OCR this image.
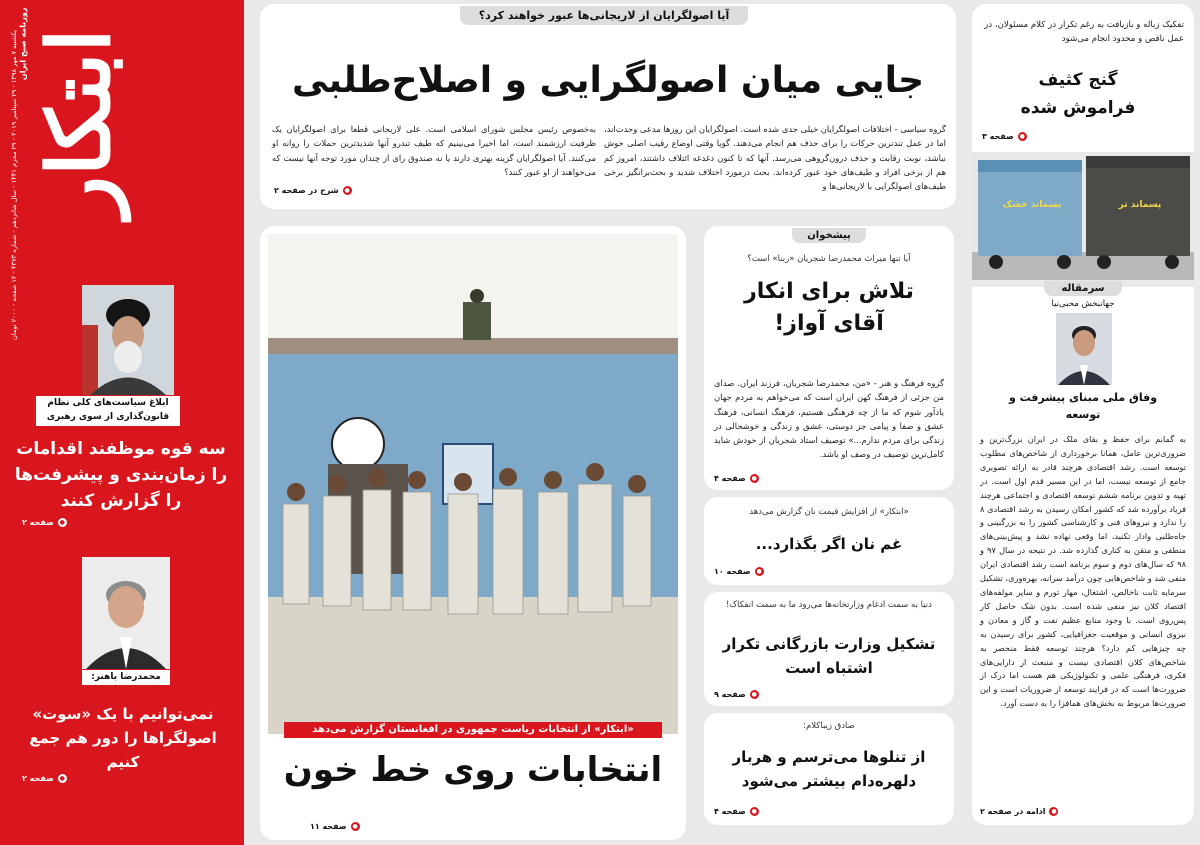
ابتکار
روزنامه صبح ایران
یکشنبه ۷ مهر ۱۳۹۸ - ۲۹ سپتامبر ۲۰۱۹ - ۲۹ محرم ۱۴۴۱ - سال شانزدهم - شماره ۴۳۷۳ - ۱۲ صفحه - ۲۰۰۰ تومان
ابلاغ سیاست‌های کلی نظام قانون‌گذاری از سوی رهبری
سه قوه موظفند اقدامات را زمان‌بندی و پیشرفت‌ها را گزارش کنند
●
صفحه ۲
محمدرضا باهنر:
نمی‌توانیم با یک «سوت» اصولگراها را دور هم جمع کنیم
●
صفحه ۲
آیا اصولگرایان از لاریجانی‌ها عبور خواهند کرد؟
جایی میان اصولگرایی و اصلاح‌طلبی
گروه سیاسی - اختلافات اصولگرایان خیلی جدی شده است. اصولگرایان این روزها مدعی وحدت‌اند، اما در عمل تندترین حرکات را برای حذف هم انجام می‌دهند. گویا وقتی اوضاع رقیب اصلی خوش نباشد، نوبت رقابت و حذف درون‌گروهی می‌رسد. آنها که تا کنون دغدغه ائتلاف داشتند، امروز کم هم از برخی افراد و طیف‌های خود عبور کرده‌اند. بحث درمورد اختلاف شدید و بحث‌برانگیز برخی طیف‌های اصولگرایی با لاریجانی‌ها و
به‌خصوص رئیس مجلس شورای اسلامی است. علی لاریجانی قطعا برای اصولگرایان یک ظرفیت ارزشمند است، اما اخیرا می‌بینیم که طیف تندرو آنها شدیدترین حملات را روانه او می‌کنند. آیا اصولگرایان گزینه بهتری دارند یا نه صندوق رای از چندان مورد توجه آنها نیست که می‌خواهند از او عبور کنند؟
●
شرح در صفحه ۲
«ابتکار» از انتخابات ریاست جمهوری در افغانستان گزارش می‌دهد
انتخابات روی خط خون
●
صفحه ۱۱
پیشخوان
آیا تنها میراث محمدرضا شجریان «ربنا» است؟
تلاش برای انکار آقای آواز!
گروه فرهنگ و هنر - «من، محمدرضا شجریان، فرزند ایران. صدای من جزئی از فرهنگ کهن ایران است که می‌خواهم به مردم جهان یادآور شوم که ما از چه فرهنگی هستیم، فرهنگ انسانی، فرهنگ عشق و صفا و پیامی جز دوستی، عشق و زندگی و خوشحالی در زندگی برای مردم ندارم...» توصیف استاد شجریان از خودش شاید کامل‌ترین توصیف در وصف او باشد.
●
صفحه ۴
«ابتکار» از افزایش قیمت نان گزارش می‌دهد
غم نان اگر بگذارد...
●
صفحه ۱۰
دنیا به سمت ادغام وزارتخانه‌ها می‌رود ما به سمت انفکاک!
تشکیل وزارت بازرگانی تکرار اشتباه است
●
صفحه ۹
صادق زیباکلام:
از تنلوها می‌ترسم و هربار دلهره‌دام بیشتر می‌شود
●
صفحه ۴
تفکیک زباله و بازیافت به رغم تکرار در کلام مسئولان، در عمل ناقص و محدود انجام می‌شود
گنج کثیف فراموش شده
●
صفحه ۳
پسماند خشک	پسماند تر
سرمقاله
جهانبخش محبی‌نیا
وفاق ملی مبنای پیشرفت و توسعه
به گمانم برای حفظ و بقای ملک در ایران بزرگ‌ترین و ضروری‌ترین عامل، همانا برخورداری از شاخص‌های مطلوب توسعه است. رشد اقتصادی هرچند قادر به ارائه تصویری جامع از توسعه نیست، اما در این مسیر قدم اول است. در تهیه و تدوین برنامه ششم توسعه اقتصادی و اجتماعی هرچند فریاد برآورده شد که کشور امکان رسیدن به رشد اقتصادی ۸ را ندارد و نیروهای فنی و کارشناسی کشور را به بزرگبینی و جاه‌طلبی وادار تکنید، اما وقعی نهاده نشد و پیش‌بینی‌های منطقی و متقن به کناری گذارده شد. در نتیجه در سال ۹۷ و ۹۸ که سال‌های دوم و سوم برنامه است رشد اقتصادی ایران منفی شد و شاخص‌هایی چون درآمد سرانه، بهره‌وری، تشکیل سرمایه ثابت ناخالص، اشتغال، مهار تورم و سایر مولفه‌های اقتصاد کلان نیز منفی شده است. بدون شک حاصل کار پس‌روی است. با وجود منابع عظیم نفت و گاز و معادن و نیروی انسانی و موقعیت جغرافیایی، کشور برای رسیدن به چه چیزهایی کم دارد؟ هرچند توسعه فقط منحصر به شاخص‌های کلان اقتصادی نیست و منبعث از دارایی‌های فکری، فرهنگی علمی و تکنولوژیکی هم هست اما درک از ضرورت‌ها است که در فرایند توسعه از ضروریات است و این ضرورت‌ها مربوط به بخش‌های همافزا را به دست آورد.
●
ادامه در صفحه ۲
